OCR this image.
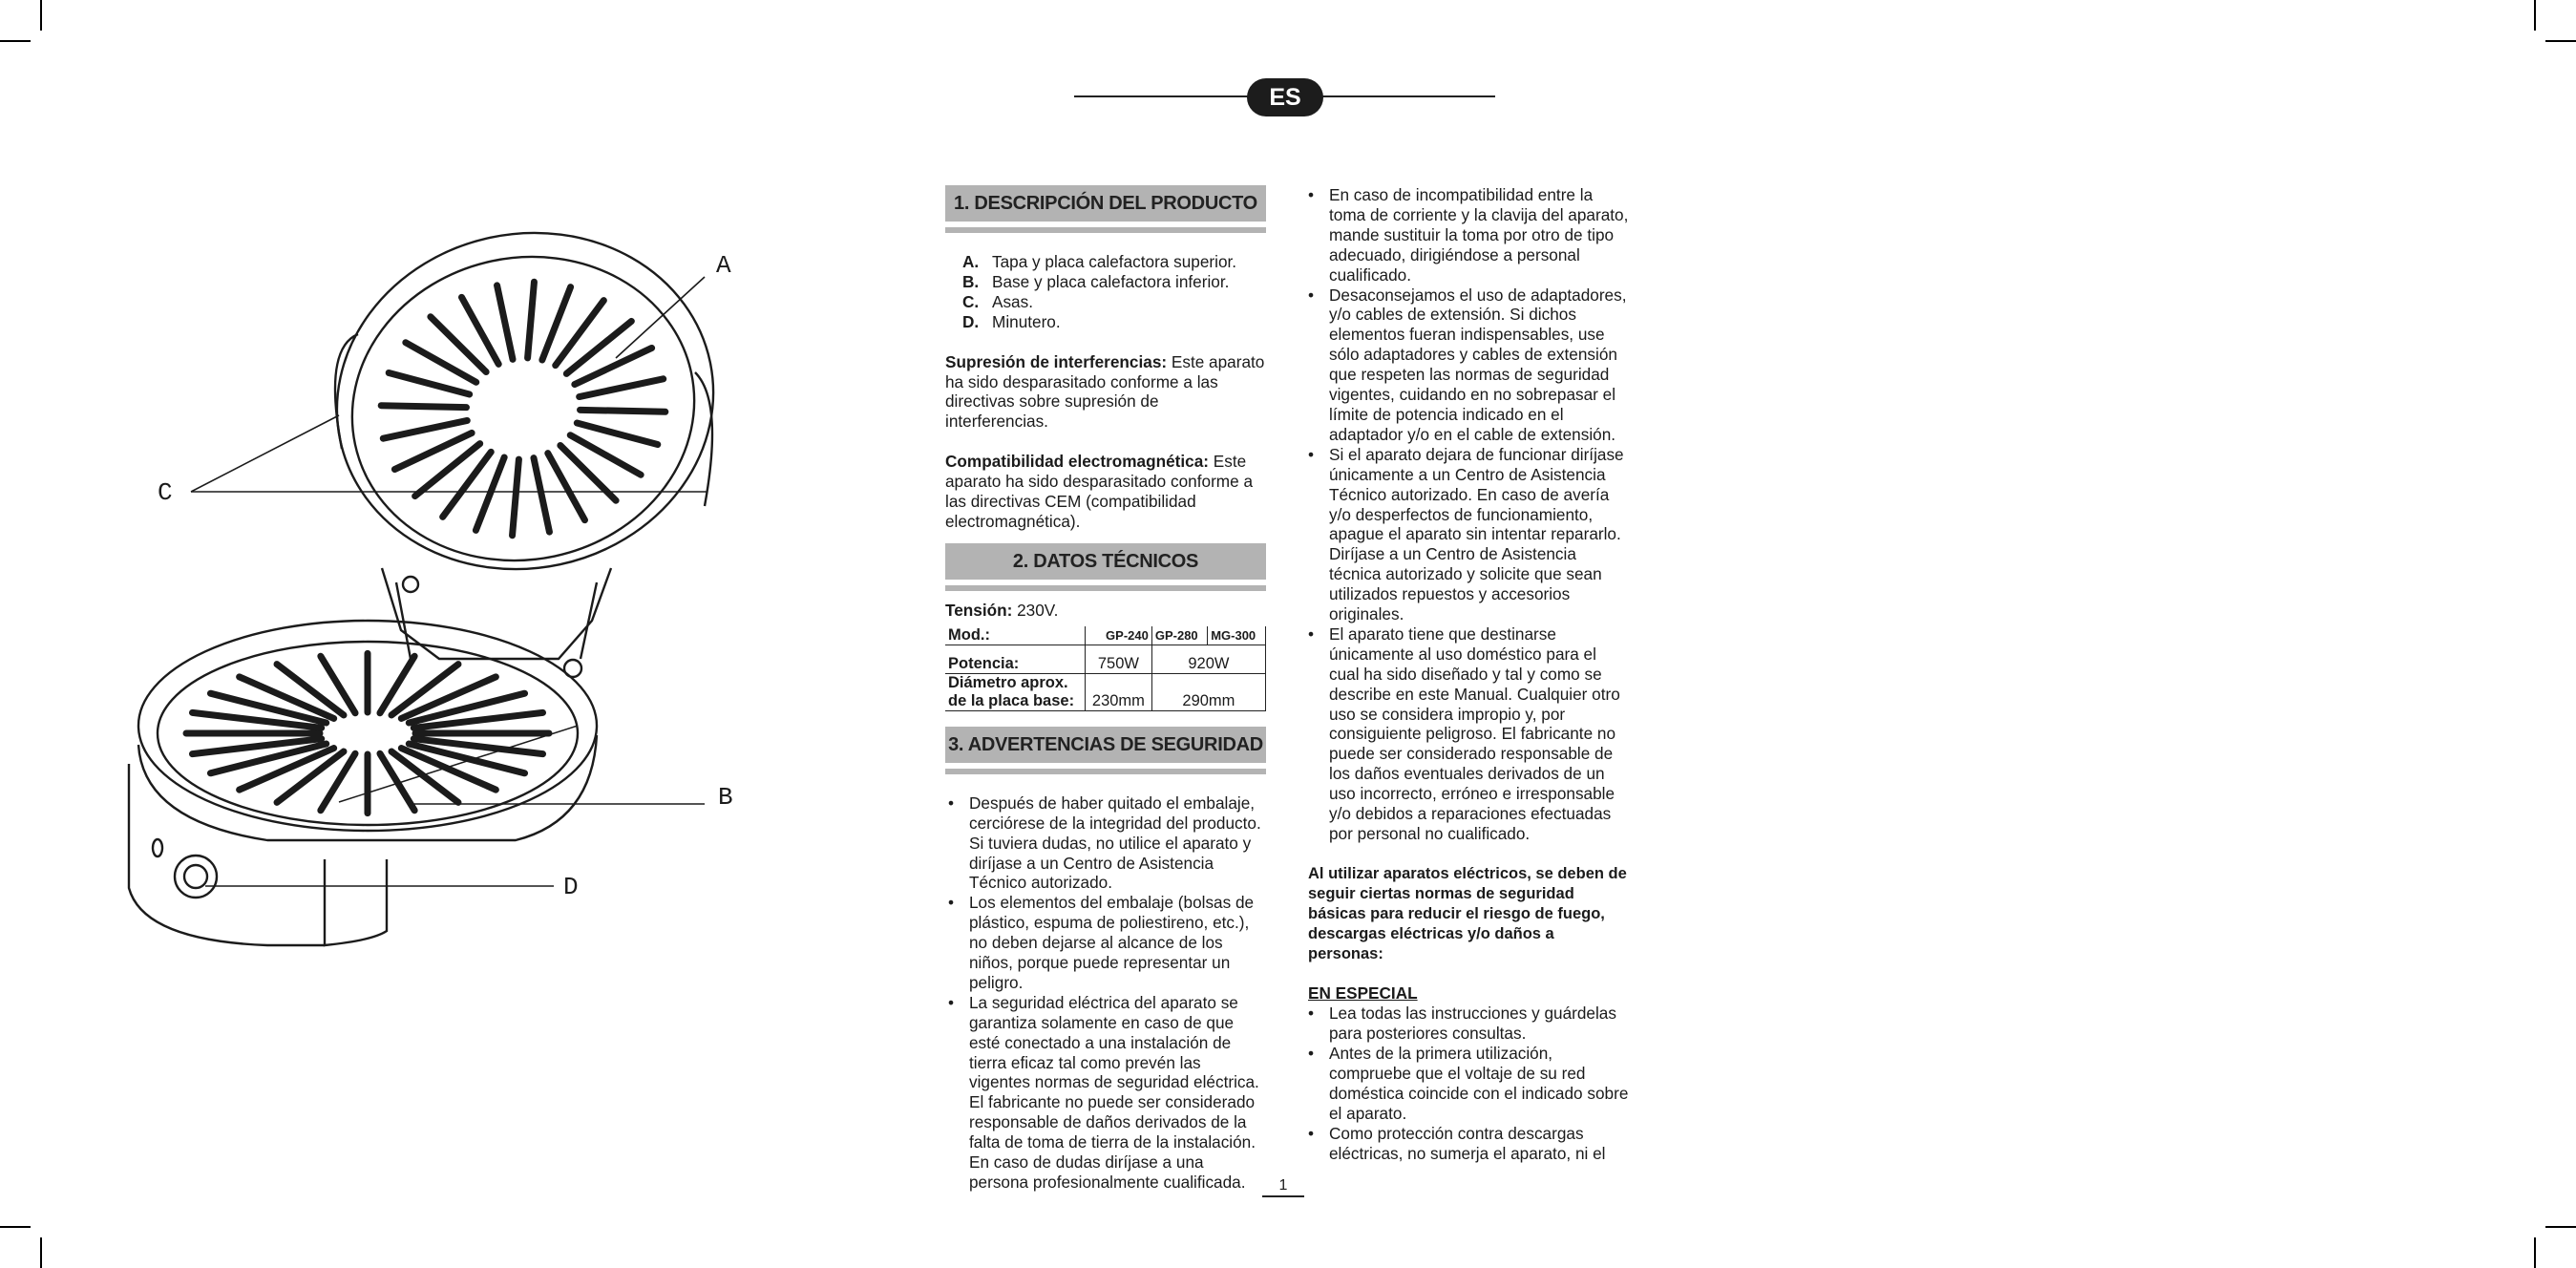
ES
A
B
C
D
1. DESCRIPCIÓN DEL PRODUCTO
A. Tapa y placa calefactora superior.
B. Base y placa calefactora inferior.
C. Asas.
D. Minutero.

Supresión de interferencias: Este aparato ha sido desparasitado conforme a las directivas sobre supresión de interferencias.

Compatibilidad electromagnética: Este aparato ha sido desparasitado conforme a las directivas CEM (compatibilidad electromagnética).

2. DATOS TÉCNICOS

Tensión: 230V.

Mod.:	GP-240	GP-280	MG-300
Potencia:	750W	920W	

Diámetro aprox.
de la placa base:	230mm	290mm	
3. ADVERTENCIAS DE SEGURIDAD
• Después de haber quitado el embalaje, cerciórese de la integridad del producto. Si tuviera dudas, no utilice el aparato y diríjase a un Centro de Asistencia Técnico autorizado.
• Los elementos del embalaje (bolsas de plástico, espuma de poliestireno, etc.), no deben dejarse al alcance de los niños, porque puede representar un peligro.
• La seguridad eléctrica del aparato se garantiza solamente en caso de que esté conectado a una instalación de tierra eficaz tal como prevén las vigentes normas de seguridad eléctrica. El fabricante no puede ser considerado responsable de daños derivados de la falta de toma de tierra de la instalación. En caso de dudas diríjase a una persona profesionalmente cualificada.
• En caso de incompatibilidad entre la toma de corriente y la clavija del aparato, mande sustituir la toma por otro de tipo adecuado, dirigiéndose a personal cualificado.
• Desaconsejamos el uso de adaptadores, y/o cables de extensión. Si dichos elementos fueran indispensables, use sólo adaptadores y cables de extensión que respeten las normas de seguridad vigentes, cuidando en no sobrepasar el límite de potencia indicado en el adaptador y/o en el cable de extensión.
• Si el aparato dejara de funcionar diríjase únicamente a un Centro de Asistencia Técnico autorizado. En caso de avería y/o desperfectos de funcionamiento, apague el aparato sin intentar repararlo. Diríjase a un Centro de Asistencia técnica autorizado y solicite que sean utilizados repuestos y accesorios originales.
• El aparato tiene que destinarse únicamente al uso doméstico para el cual ha sido diseñado y tal y como se describe en este Manual. Cualquier otro uso se considera impropio y, por consiguiente peligroso. El fabricante no puede ser considerado responsable de los daños eventuales derivados de un uso incorrecto, erróneo e irresponsable y/o debidos a reparaciones efectuadas por personal no cualificado.

Al utilizar aparatos eléctricos, se deben de seguir ciertas normas de seguridad básicas para reducir el riesgo de fuego, descargas eléctricas y/o daños a personas:

EN ESPECIAL

• Lea todas las instrucciones y guárdelas para posteriores consultas.
• Antes de la primera utilización, compruebe que el voltaje de su red doméstica coincide con el indicado sobre el aparato.
• Como protección contra descargas eléctricas, no sumerja el aparato, ni el
1
